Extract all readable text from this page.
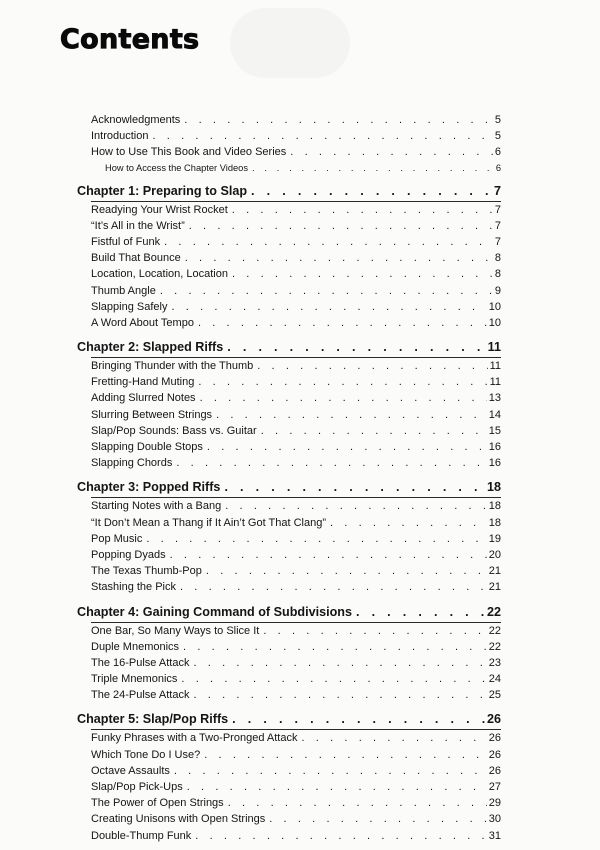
Contents
Acknowledgments . . .	5
Introduction . . .	5
How to Use This Book and Video Series . . .	6
How to Access the Chapter Videos . . .	6
Chapter 1: Preparing to Slap . . .	7
Readying Your Wrist Rocket . . .	7
“It’s All in the Wrist” . . .	7
Fistful of Funk . . .	7
Build That Bounce . . .	8
Location, Location, Location . . .	8
Thumb Angle . . .	9
Slapping Safely . . .	10
A Word About Tempo . . .	10
Chapter 2: Slapped Riffs . . .	11
Bringing Thunder with the Thumb . . .	11
Fretting-Hand Muting . . .	11
Adding Slurred Notes . . .	13
Slurring Between Strings . . .	14
Slap/Pop Sounds: Bass vs. Guitar . . .	15
Slapping Double Stops . . .	16
Slapping Chords . . .	16
Chapter 3: Popped Riffs . . .	18
Starting Notes with a Bang . . .	18
“It Don’t Mean a Thang if It Ain’t Got That Clang” . . .	18
Pop Music . . .	19
Popping Dyads . . .	20
The Texas Thumb-Pop . . .	21
Stashing the Pick . . .	21
Chapter 4: Gaining Command of Subdivisions . . .	22
One Bar, So Many Ways to Slice It . . .	22
Duple Mnemonics . . .	22
The 16-Pulse Attack . . .	23
Triple Mnemonics . . .	24
The 24-Pulse Attack . . .	25
Chapter 5: Slap/Pop Riffs . . .	26
Funky Phrases with a Two-Pronged Attack . . .	26
Which Tone Do I Use? . . .	26
Octave Assaults . . .	26
Slap/Pop Pick-Ups . . .	27
The Power of Open Strings . . .	29
Creating Unisons with Open Strings . . .	30
Double-Thump Funk . . .	31
